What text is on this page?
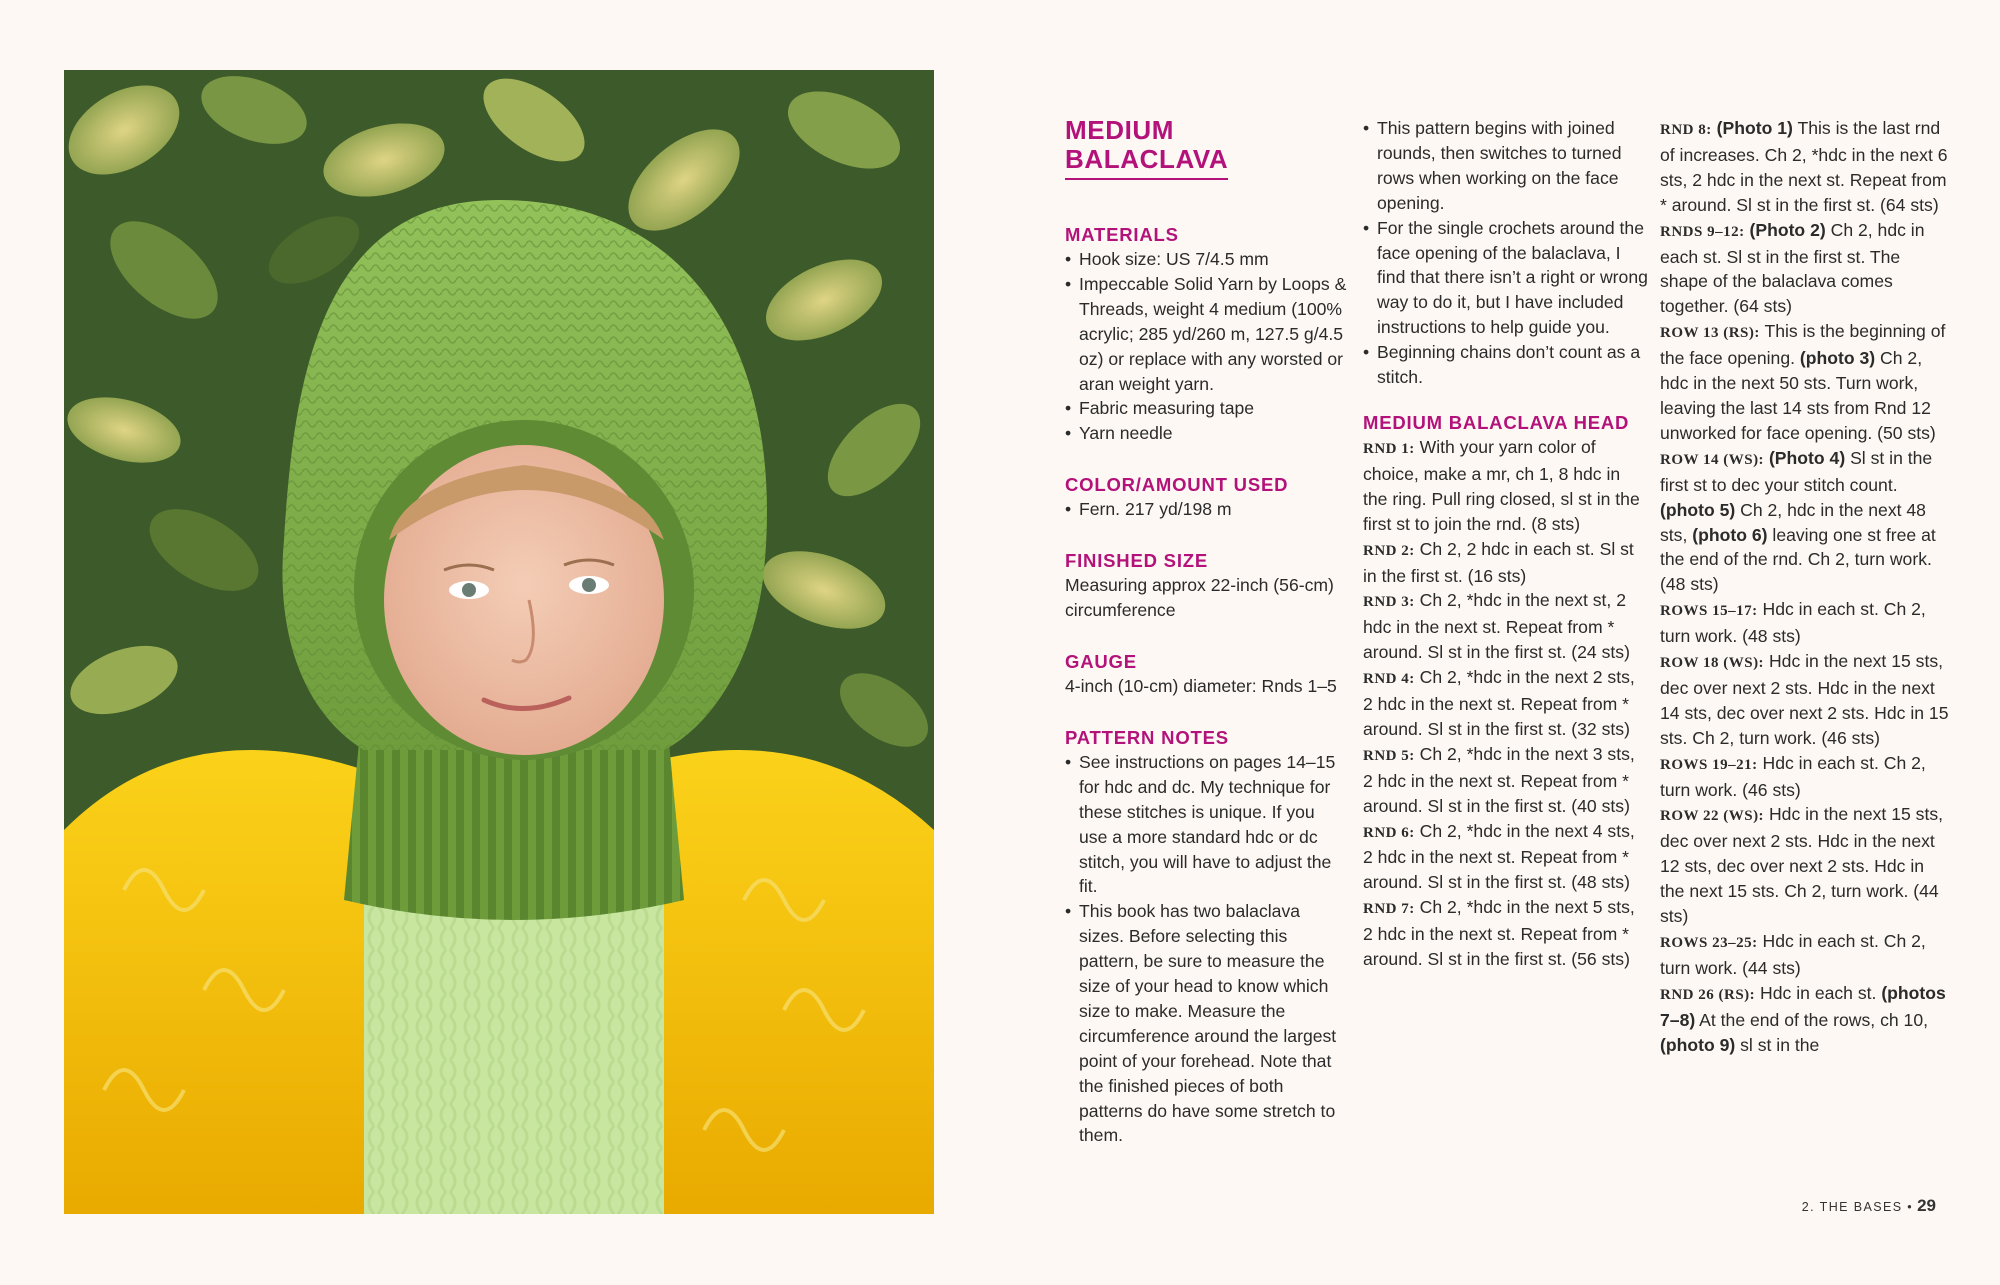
MEDIUM
BALACLAVA
MATERIALS
• Hook size: US 7/4.5 mm
• Impeccable Solid Yarn by Loops & Threads, weight 4 medium (100% acrylic; 285 yd/260 m, 127.5 g/4.5 oz) or replace with any worsted or aran weight yarn.
• Fabric measuring tape
• Yarn needle
COLOR/AMOUNT USED
• Fern. 217 yd/198 m
FINISHED SIZE

Measuring approx 22-inch (56-cm) circumference

GAUGE

4-inch (10-cm) diameter: Rnds 1–5

PATTERN NOTES
• See instructions on pages 14–15 for hdc and dc. My technique for these stitches is unique. If you use a more standard hdc or dc stitch, you will have to adjust the fit.
• This book has two balaclava sizes. Before selecting this pattern, be sure to measure the size of your head to know which size to make. Measure the circumference around the largest point of your forehead. Note that the finished pieces of both patterns do have some stretch to them.
• This pattern begins with joined rounds, then switches to turned rows when working on the face opening.
• For the single crochets around the face opening of the balaclava, I find that there isn’t a right or wrong way to do it, but I have included instructions to help guide you.
• Beginning chains don’t count as a stitch.
MEDIUM BALACLAVA HEAD

RND 1: With your yarn color of choice, make a mr, ch 1, 8 hdc in the ring. Pull ring closed, sl st in the first st to join the rnd. (8 sts)

RND 2: Ch 2, 2 hdc in each st. Sl st in the first st. (16 sts)

RND 3: Ch 2, *hdc in the next st, 2 hdc in the next st. Repeat from * around. Sl st in the first st. (24 sts)

RND 4: Ch 2, *hdc in the next 2 sts, 2 hdc in the next st. Repeat from * around. Sl st in the first st. (32 sts)

RND 5: Ch 2, *hdc in the next 3 sts, 2 hdc in the next st. Repeat from * around. Sl st in the first st. (40 sts)

RND 6: Ch 2, *hdc in the next 4 sts, 2 hdc in the next st. Repeat from * around. Sl st in the first st. (48 sts)

RND 7: Ch 2, *hdc in the next 5 sts, 2 hdc in the next st. Repeat from * around. Sl st in the first st. (56 sts)

RND 8: (Photo 1) This is the last rnd of increases. Ch 2, *hdc in the next 6 sts, 2 hdc in the next st. Repeat from * around. Sl st in the first st. (64 sts)

RNDS 9–12: (Photo 2) Ch 2, hdc in each st. Sl st in the first st. The shape of the balaclava comes together. (64 sts)

ROW 13 (RS): This is the beginning of the face opening. (photo 3) Ch 2, hdc in the next 50 sts. Turn work, leaving the last 14 sts from Rnd 12 unworked for face opening. (50 sts)

ROW 14 (WS): (Photo 4) Sl st in the first st to dec your stitch count. (photo 5) Ch 2, hdc in the next 48 sts, (photo 6) leaving one st free at the end of the rnd. Ch 2, turn work. (48 sts)

ROWS 15–17: Hdc in each st. Ch 2, turn work. (48 sts)

ROW 18 (WS): Hdc in the next 15 sts, dec over next 2 sts. Hdc in the next 14 sts, dec over next 2 sts. Hdc in 15 sts. Ch 2, turn work. (46 sts)

ROWS 19–21: Hdc in each st. Ch 2, turn work. (46 sts)

ROW 22 (WS): Hdc in the next 15 sts, dec over next 2 sts. Hdc in the next 12 sts, dec over next 2 sts. Hdc in the next 15 sts. Ch 2, turn work. (44 sts)

ROWS 23–25: Hdc in each st. Ch 2, turn work. (44 sts)

RND 26 (RS): Hdc in each st. (photos 7–8) At the end of the rows, ch 10, (photo 9) sl st in the

2. THE BASES • 29
